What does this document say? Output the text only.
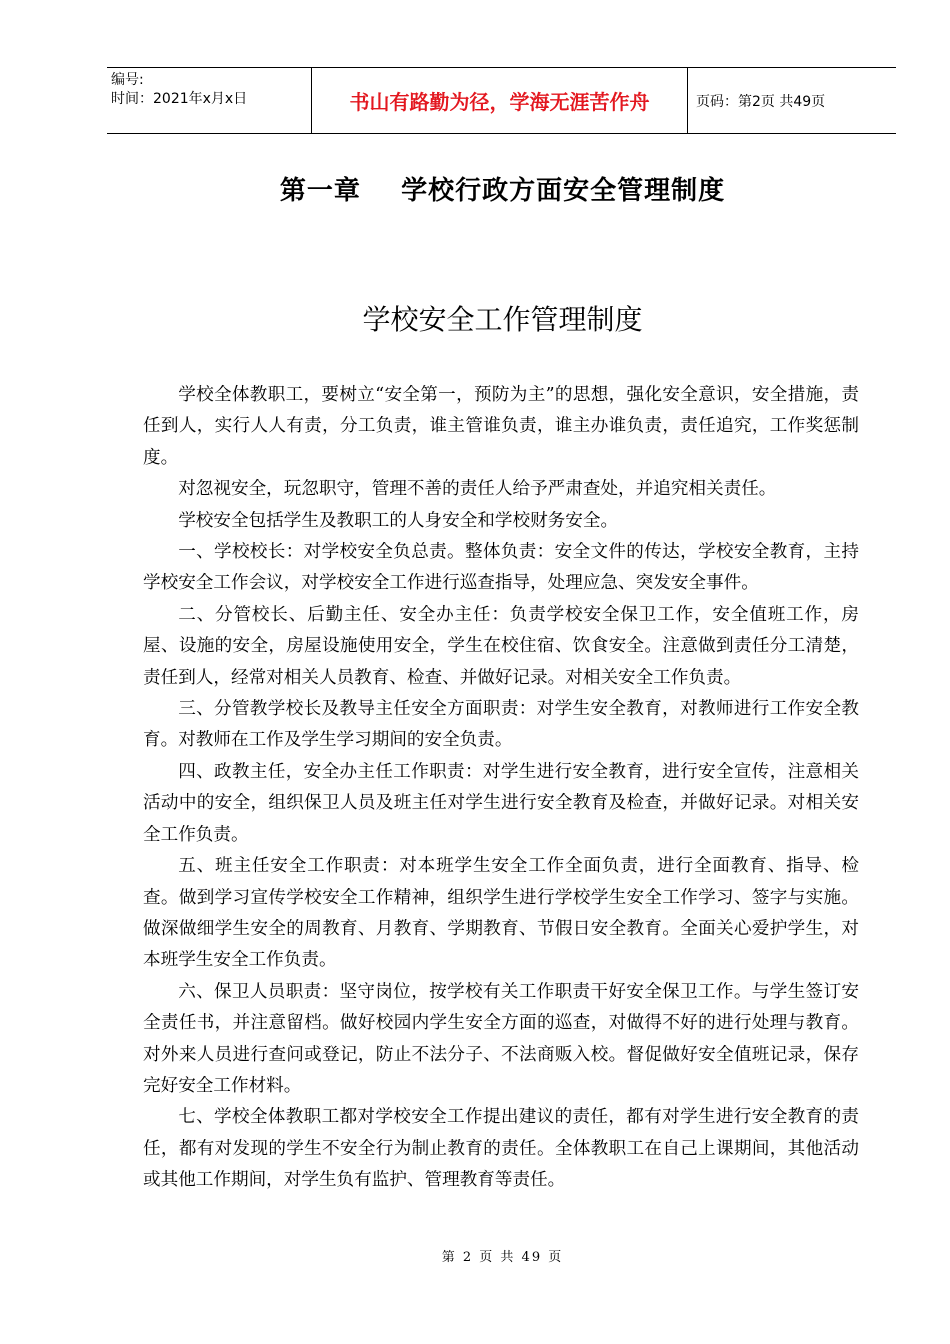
编号:
时间：2021年x月x日	书山有路勤为径，学海无涯苦作舟	页码：第2页 共49页
第一章    学校行政方面安全管理制度
学校安全工作管理制度

学校全体教职工，要树立“安全第一，预防为主”的思想，强化安全意识，安全措施，责任到人，实行人人有责，分工负责，谁主管谁负责，谁主办谁负责，责任追究，工作奖惩制度。

对忽视安全，玩忽职守，管理不善的责任人给予严肃查处，并追究相关责任。

学校安全包括学生及教职工的人身安全和学校财务安全。

一、学校校长：对学校安全负总责。整体负责：安全文件的传达，学校安全教育，主持学校安全工作会议，对学校安全工作进行巡查指导，处理应急、突发安全事件。

二、分管校长、后勤主任、安全办主任：负责学校安全保卫工作，安全值班工作，房屋、设施的安全，房屋设施使用安全，学生在校住宿、饮食安全。注意做到责任分工清楚，责任到人，经常对相关人员教育、检查、并做好记录。对相关安全工作负责。

三、分管教学校长及教导主任安全方面职责：对学生安全教育，对教师进行工作安全教育。对教师在工作及学生学习期间的安全负责。

四、政教主任，安全办主任工作职责：对学生进行安全教育，进行安全宣传，注意相关活动中的安全，组织保卫人员及班主任对学生进行安全教育及检查，并做好记录。对相关安全工作负责。

五、班主任安全工作职责：对本班学生安全工作全面负责，进行全面教育、指导、检查。做到学习宣传学校安全工作精神，组织学生进行学校学生安全工作学习、签字与实施。做深做细学生安全的周教育、月教育、学期教育、节假日安全教育。全面关心爱护学生，对本班学生安全工作负责。

六、保卫人员职责：坚守岗位，按学校有关工作职责干好安全保卫工作。与学生签订安全责任书，并注意留档。做好校园内学生安全方面的巡查，对做得不好的进行处理与教育。对外来人员进行查问或登记，防止不法分子、不法商贩入校。督促做好安全值班记录，保存完好安全工作材料。

七、学校全体教职工都对学校安全工作提出建议的责任，都有对学生进行安全教育的责任，都有对发现的学生不安全行为制止教育的责任。全体教职工在自己上课期间，其他活动或其他工作期间，对学生负有监护、管理教育等责任。

第 2 页 共 49 页
